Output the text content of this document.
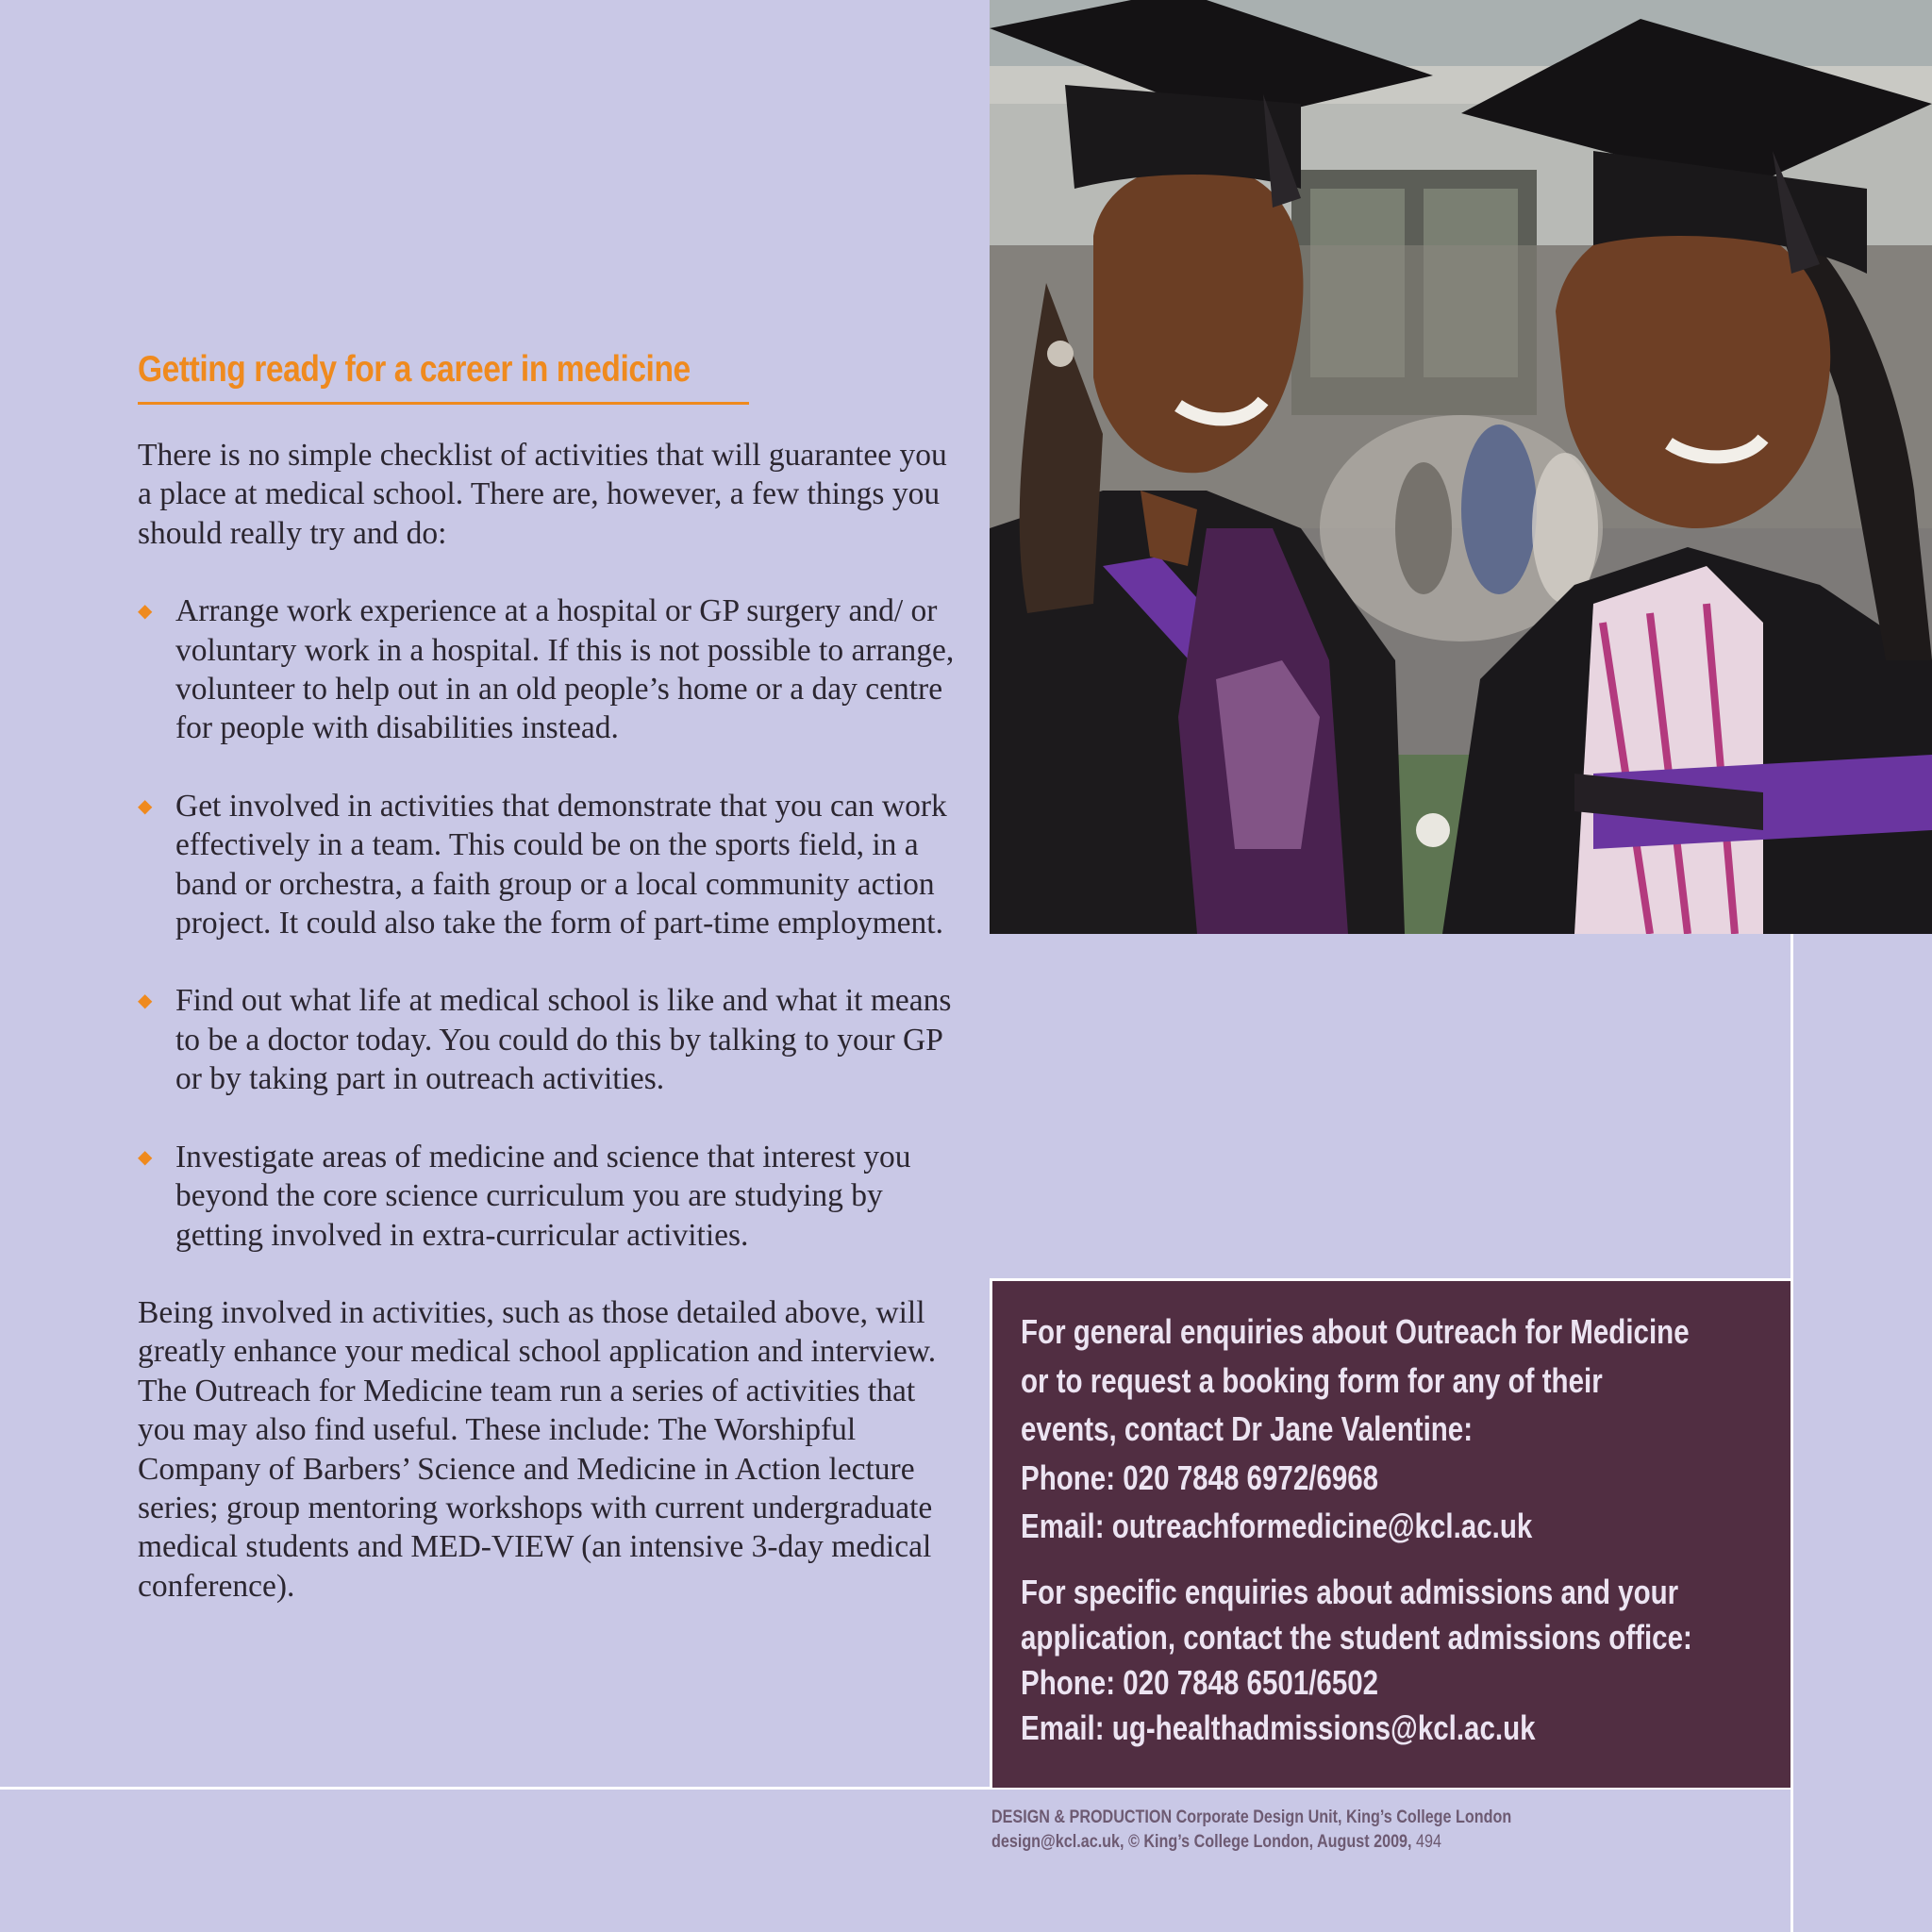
Getting ready for a career in medicine

There is no simple checklist of activities that will guarantee you a place at medical school. There are, however, a few things you should really try and do:

◆ Arrange work experience at a hospital or GP surgery and/ or voluntary work in a hospital. If this is not possible to arrange, volunteer to help out in an old people’s home or a day centre for people with disabilities instead.
◆ Get involved in activities that demonstrate that you can work effectively in a team. This could be on the sports field, in a band or orchestra, a faith group or a local community action project. It could also take the form of part-time employment.
◆ Find out what life at medical school is like and what it means to be a doctor today. You could do this by talking to your GP or by taking part in outreach activities.
◆ Investigate areas of medicine and science that interest you beyond the core science curriculum you are studying by getting involved in extra-curricular activities.

Being involved in activities, such as those detailed above, will greatly enhance your medical school application and interview. The Outreach for Medicine team run a series of activities that you may also find useful. These include: The Worshipful Company of Barbers’ Science and Medicine in Action lecture series; group mentoring workshops with current undergraduate medical students and MED-VIEW (an intensive 3-day medical conference).

For general enquiries about Outreach for Medicine
or to request a booking form for any of their
events, contact Dr Jane Valentine:
Phone: 020 7848 6972/6968
Email: outreachformedicine@kcl.ac.uk
For specific enquiries about admissions and your
application, contact the student admissions office:
Phone: 020 7848 6501/6502
Email: ug-healthadmissions@kcl.ac.uk
DESIGN & PRODUCTION Corporate Design Unit, King’s College London
design@kcl.ac.uk, © King’s College London, August 2009, 494
